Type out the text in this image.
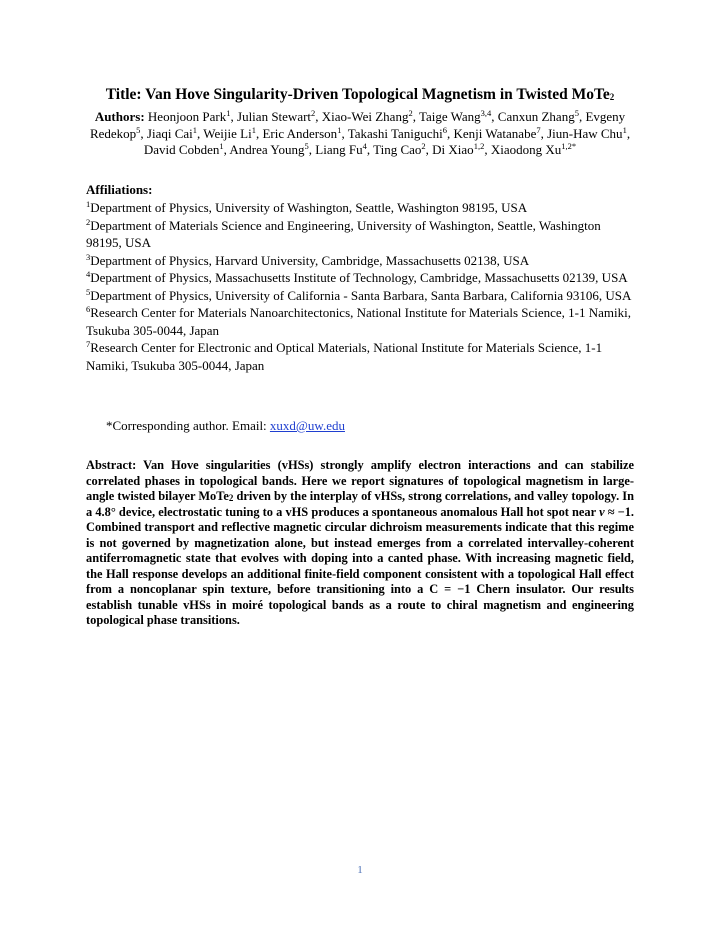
Title: Van Hove Singularity-Driven Topological Magnetism in Twisted MoTe$_2$
Authors: Heonjoon Park$^1$, Julian Stewart$^2$, Xiao-Wei Zhang$^2$, Taige Wang$^{3,4}$, Canxun Zhang$^5$, Evgeny Redekop$^5$, Jiaqi Cai$^1$, Weijie Li$^1$, Eric Anderson$^1$, Takashi Taniguchi$^6$, Kenji Watanabe$^7$, Jiun-Haw Chu$^1$, David Cobden$^1$, Andrea Young$^5$, Liang Fu$^4$, Ting Cao$^2$, Di Xiao$^{1,2}$, Xiaodong $Xu^{1,2*}$
Affiliations:
$^1$Department of Physics, University of Washington, Seattle, Washington 98195, USA
$^2$Department of Materials Science and Engineering, University of Washington, Seattle, Washington 98195, USA
$^3$Department of Physics, Harvard University, Cambridge, Massachusetts 02138, USA
$^4$Department of Physics, Massachusetts Institute of Technology, Cambridge, Massachusetts 02139, USA
$^5$Department of Physics, University of California - Santa Barbara, Santa Barbara, California 93106, USA
$^6$Research Center for Materials Nanoarchitectonics, National Institute for Materials Science, 1-1 Namiki, Tsukuba 305-0044, Japan
$^7$Research Center for Electronic and Optical Materials, National Institute for Materials Science, 1-1 Namiki, Tsukuba 305-0044, Japan
*Corresponding author. Email: xuxd@uw.edu
Abstract: Van Hove singularities (vHSs) strongly amplify electron interactions and can stabilize correlated phases in topological bands. Here we report signatures of topological magnetism in large-angle twisted bilayer MoTe$_2$ driven by the interplay of vHSs, strong correlations, and valley topology. In a 4.8° device, electrostatic tuning to a vHS produces a spontaneous anomalous Hall hot spot near ν ≈ −1. Combined transport and reflective magnetic circular dichroism measurements indicate that this regime is not governed by magnetization alone, but instead emerges from a correlated intervalley-coherent antiferromagnetic state that evolves with doping into a canted phase. With increasing magnetic field, the Hall response develops an additional finite-field component consistent with a topological Hall effect from a noncoplanar spin texture, before transitioning into a C = −1 Chern insulator. Our results establish tunable vHSs in moiré topological bands as a route to chiral magnetism and engineering topological phase transitions.
1
